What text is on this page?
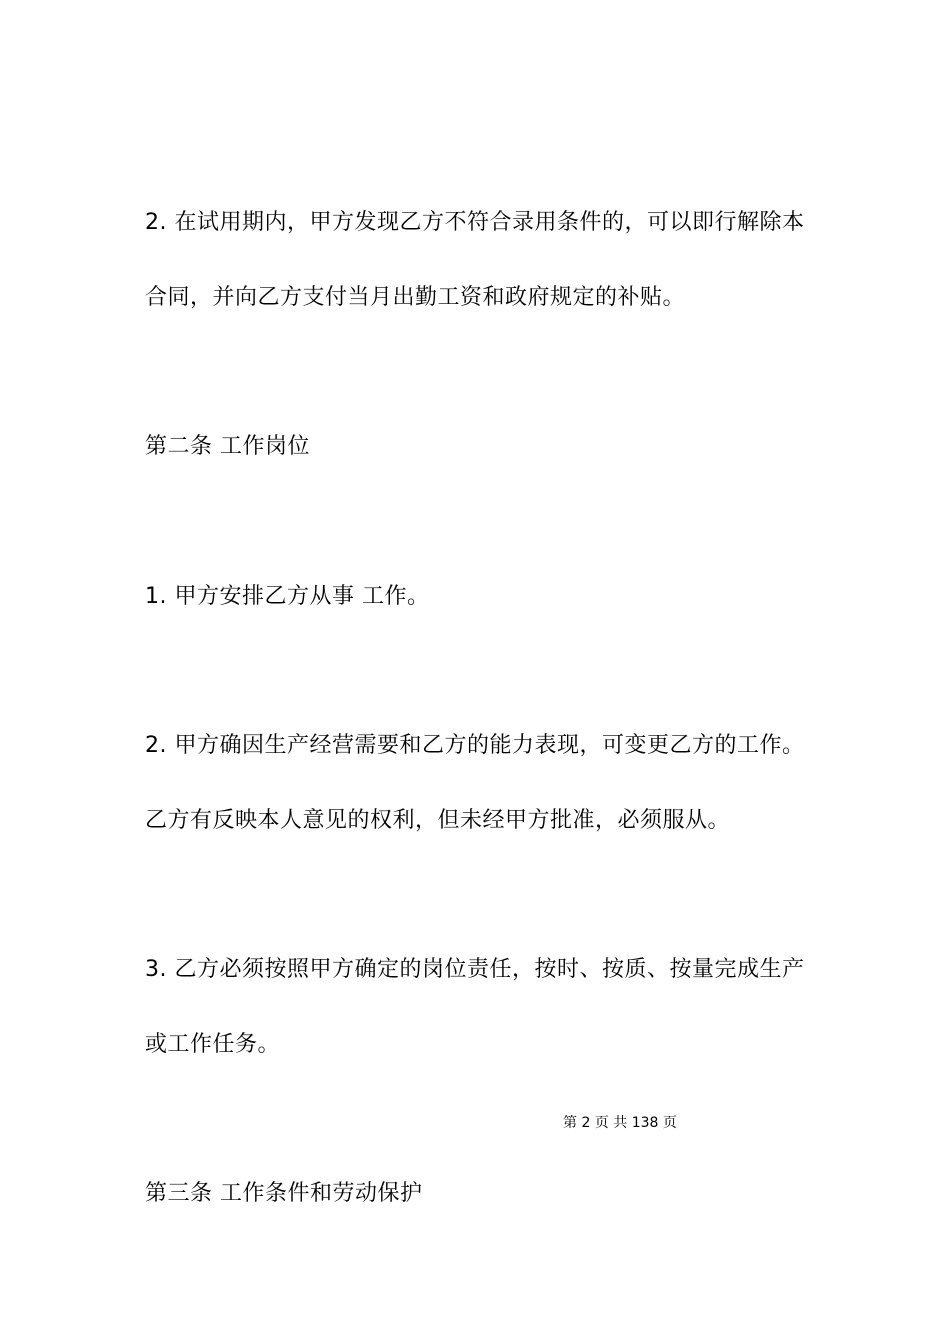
2. 在试用期内，甲方发现乙方不符合录用条件的，可以即行解除本
合同，并向乙方支付当月出勤工资和政府规定的补贴。
第二条 工作岗位
1. 甲方安排乙方从事 工作。
2. 甲方确因生产经营需要和乙方的能力表现，可变更乙方的工作。
乙方有反映本人意见的权利，但未经甲方批准，必须服从。
3. 乙方必须按照甲方确定的岗位责任，按时、按质、按量完成生产
或工作任务。
第 2 页 共 138 页
第三条 工作条件和劳动保护
